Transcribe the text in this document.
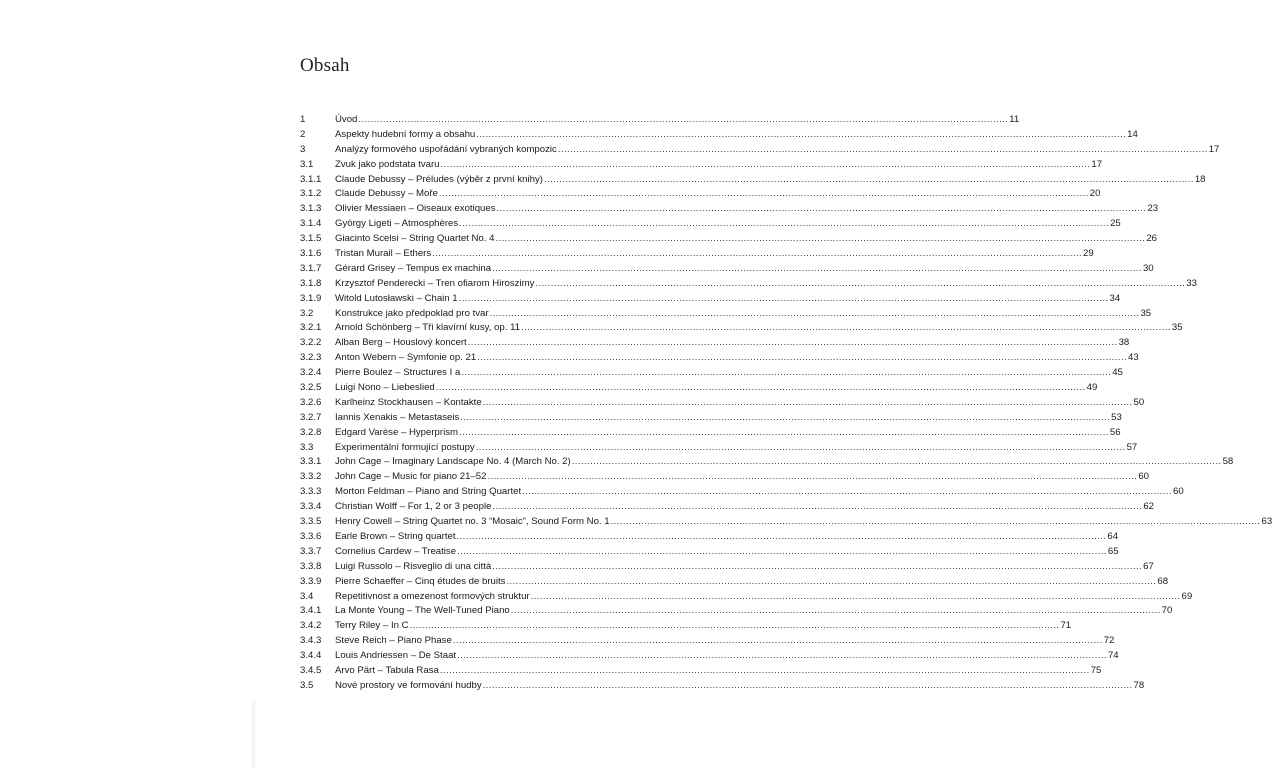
Obsah
1	Úvod .....	11
2	Aspekty hudební formy a obsahu .....	14
3	Analýzy formového uspořádání vybraných kompozic .....	17
3.1	Zvuk jako podstata tvaru .....	17
3.1.1	Claude Debussy – Préludes (výběr z první knihy) .....	18
3.1.2	Claude Debussy – Moře .....	20
3.1.3	Olivier Messiaen – Oiseaux exotiques .....	23
3.1.4	György Ligeti – Atmosphères .....	25
3.1.5	Giacinto Scelsi – String Quartet No. 4 .....	26
3.1.6	Tristan Murail – Ethers .....	29
3.1.7	Gérard Grisey – Tempus ex machina .....	30
3.1.8	Krzysztof Penderecki – Tren ofiarom Hiroszimy .....	33
3.1.9	Witold Lutosławski – Chain 1 .....	34
3.2	Konstrukce jako předpoklad pro tvar .....	35
3.2.1	Arnold Schönberg – Tři klavírní kusy, op. 11 .....	35
3.2.2	Alban Berg – Houslový koncert .....	38
3.2.3	Anton Webern – Symfonie op. 21 .....	43
3.2.4	Pierre Boulez – Structures I a .....	45
3.2.5	Luigi Nono – Liebeslied .....	49
3.2.6	Karlheinz Stockhausen – Kontakte .....	50
3.2.7	Iannis Xenakis – Metastaseis .....	53
3.2.8	Edgard Varèse – Hyperprism .....	56
3.3	Experimentální formující postupy .....	57
3.3.1	John Cage – Imaginary Landscape No. 4 (March No. 2) .....	58
3.3.2	John Cage – Music for piano 21–52 .....	60
3.3.3	Morton Feldman – Piano and String Quartet .....	60
3.3.4	Christian Wolff – For 1, 2 or 3 people .....	62
3.3.5	Henry Cowell – String Quartet no. 3 “Mosaic”, Sound Form No. 1 .....	63
3.3.6	Earle Brown – String quartet .....	64
3.3.7	Cornelius Cardew – Treatise .....	65
3.3.8	Luigi Russolo – Risveglio di una città .....	67
3.3.9	Pierre Schaeffer – Cinq études de bruits .....	68
3.4	Repetitivnost a omezenost formových struktur .....	69
3.4.1	La Monte Young – The Well-Tuned Piano .....	70
3.4.2	Terry Riley – In C .....	71
3.4.3	Steve Reich – Piano Phase .....	72
3.4.4	Louis Andriessen – De Staat .....	74
3.4.5	Arvo Pärt – Tabula Rasa .....	75
3.5	Nové prostory ve formování hudby .....	78
